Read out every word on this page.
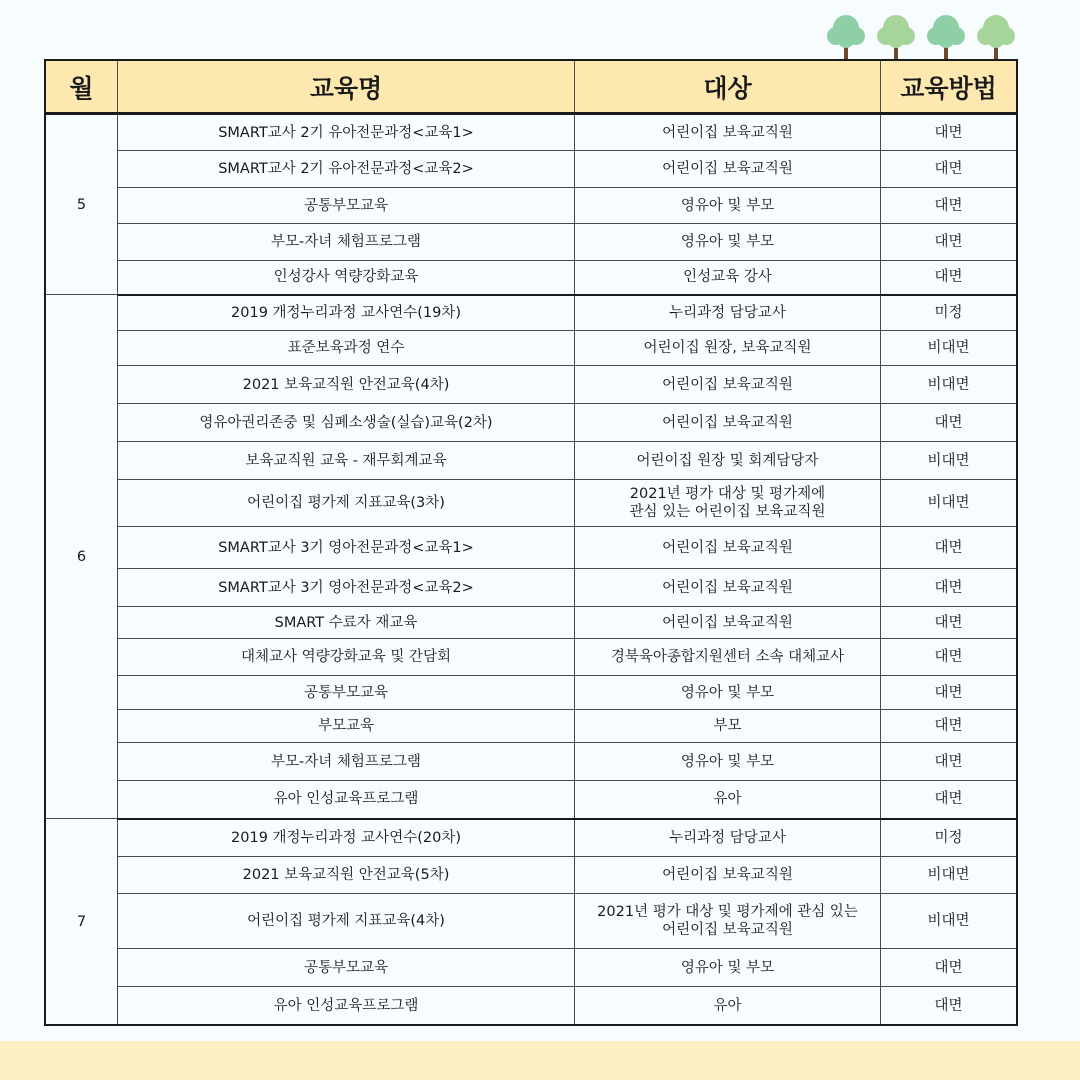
월	교육명	대상	교육방법
5	SMART교사 2기 유아전문과정<교육1>	어린이집 보육교직원	대면
	SMART교사 2기 유아전문과정<교육2>	어린이집 보육교직원	대면
	공통부모교육	영유아 및 부모	대면
	부모-자녀 체험프로그램	영유아 및 부모	대면
	인성강사 역량강화교육	인성교육 강사	대면
6	2019 개정누리과정 교사연수(19차)	누리과정 담당교사	미정
	표준보육과정 연수	어린이집 원장, 보육교직원	비대면
	2021 보육교직원 안전교육(4차)	어린이집 보육교직원	비대면
	영유아권리존중 및 심폐소생술(실습)교육(2차)	어린이집 보육교직원	대면
	보육교직원 교육 - 재무회계교육	어린이집 원장 및 회계담당자	비대면
	어린이집 평가제 지표교육(3차)	2021년 평가 대상 및 평가제에
관심 있는 어린이집 보육교직원	비대면
	SMART교사 3기 영아전문과정<교육1>	어린이집 보육교직원	대면
	SMART교사 3기 영아전문과정<교육2>	어린이집 보육교직원	대면
	SMART 수료자 재교육	어린이집 보육교직원	대면
	대체교사 역량강화교육 및 간담회	경북육아종합지원센터 소속 대체교사	대면
	공통부모교육	영유아 및 부모	대면
	부모교육	부모	대면
	부모-자녀 체험프로그램	영유아 및 부모	대면
	유아 인성교육프로그램	유아	대면
7	2019 개정누리과정 교사연수(20차)	누리과정 담당교사	미정
	2021 보육교직원 안전교육(5차)	어린이집 보육교직원	비대면
	어린이집 평가제 지표교육(4차)	2021년 평가 대상 및 평가제에 관심 있는
어린이집 보육교직원	비대면
	공통부모교육	영유아 및 부모	대면
	유아 인성교육프로그램	유아	대면
